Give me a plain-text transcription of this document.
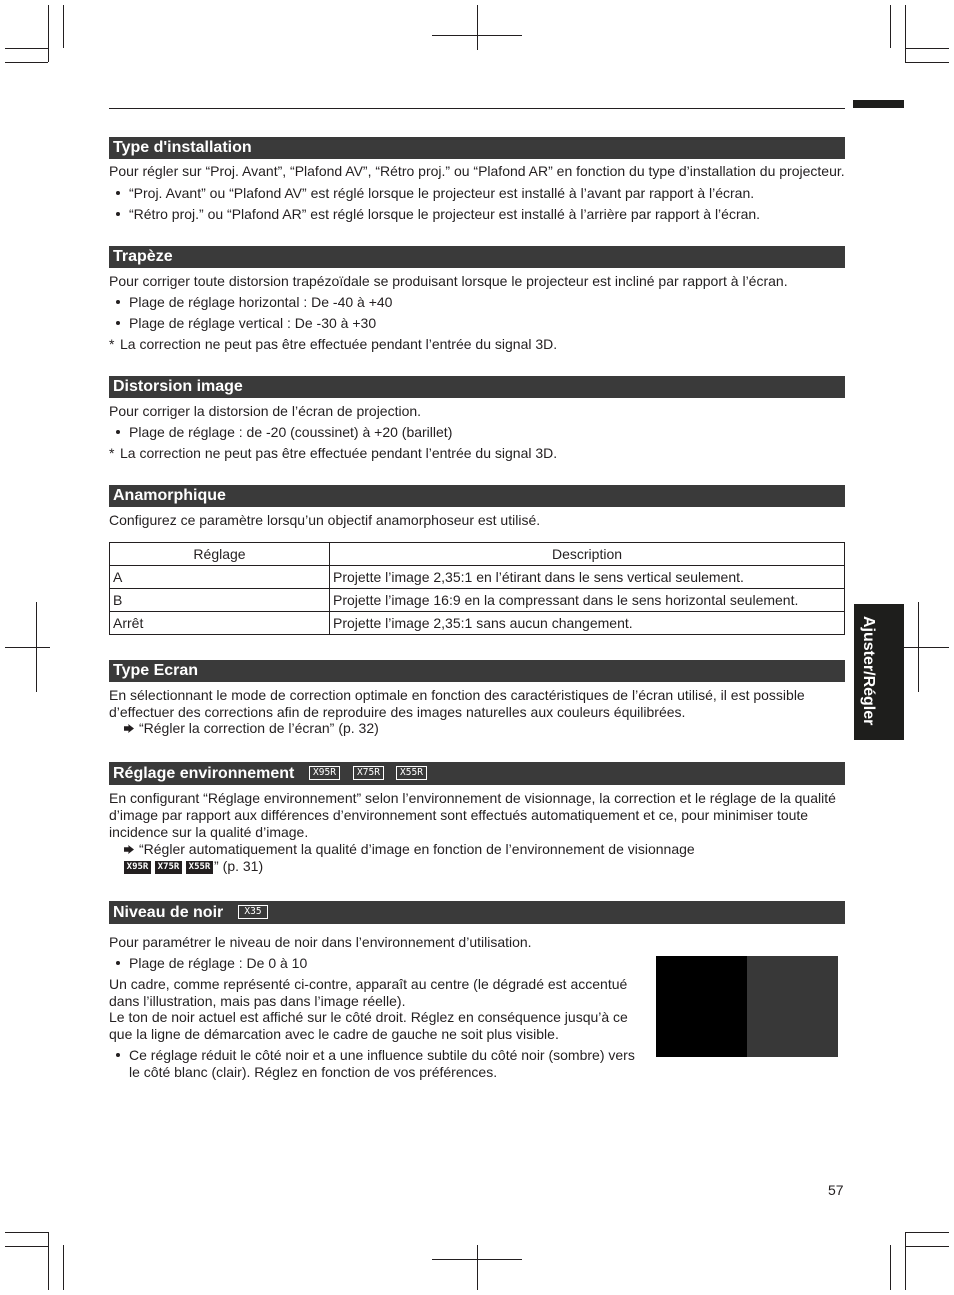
Ajuster/Régler
Type d'installation
Pour régler sur “Proj. Avant”, “Plafond AV”, “Rétro proj.” ou “Plafond AR” en fonction du type d’installation du projecteur.
“Proj. Avant” ou “Plafond AV” est réglé lorsque le projecteur est installé à l’avant par rapport à l’écran.
“Rétro proj.” ou “Plafond AR” est réglé lorsque le projecteur est installé à l’arrière par rapport à l’écran.
Trapèze
Pour corriger toute distorsion trapézoïdale se produisant lorsque le projecteur est incliné par rapport à l’écran.
Plage de réglage horizontal : De -40 à +40
Plage de réglage vertical : De -30 à +30
* La correction ne peut pas être effectuée pendant l’entrée du signal 3D.
Distorsion image
Pour corriger la distorsion de l’écran de projection.
Plage de réglage : de -20 (coussinet) à +20 (barillet)
* La correction ne peut pas être effectuée pendant l’entrée du signal 3D.
Anamorphique
Configurez ce paramètre lorsqu’un objectif anamorphoseur est utilisé.
Réglage	Description
A	Projette l’image 2,35:1 en l’étirant dans le sens vertical seulement.
B	Projette l’image 16:9 en la compressant dans le sens horizontal seulement.
Arrêt	Projette l’image 2,35:1 sans aucun changement.
Type Ecran
En sélectionnant le mode de correction optimale en fonction des caractéristiques de l’écran utilisé, il est possible d’effectuer des corrections afin de reproduire des images naturelles aux couleurs équilibrées.
“Régler la correction de l’écran” (p. 32)
Réglage environnement	X95R	X75R	X55R
En configurant “Réglage environnement” selon l’environnement de visionnage, la correction et le réglage de la qualité d’image par rapport aux différences d’environnement sont effectués automatiquement et ce, pour minimiser toute incidence sur la qualité d’image.
“Régler automatiquement la qualité d’image en fonction de l’environnement de visionnage
X95R X75R X55R ” (p. 31)
Niveau de noir	X35
Pour paramétrer le niveau de noir dans l’environnement d’utilisation.
Plage de réglage : De 0 à 10

Un cadre, comme représenté ci-contre, apparaît au centre (le dégradé est accentué dans l’illustration, mais pas dans l’image réelle).

Le ton de noir actuel est affiché sur le côté droit. Réglez en conséquence jusqu’à ce que la ligne de démarcation avec le cadre de gauche ne soit plus visible.

Ce réglage réduit le côté noir et a une influence subtile du côté noir (sombre) vers le côté blanc (clair). Réglez en fonction de vos préférences.
57
